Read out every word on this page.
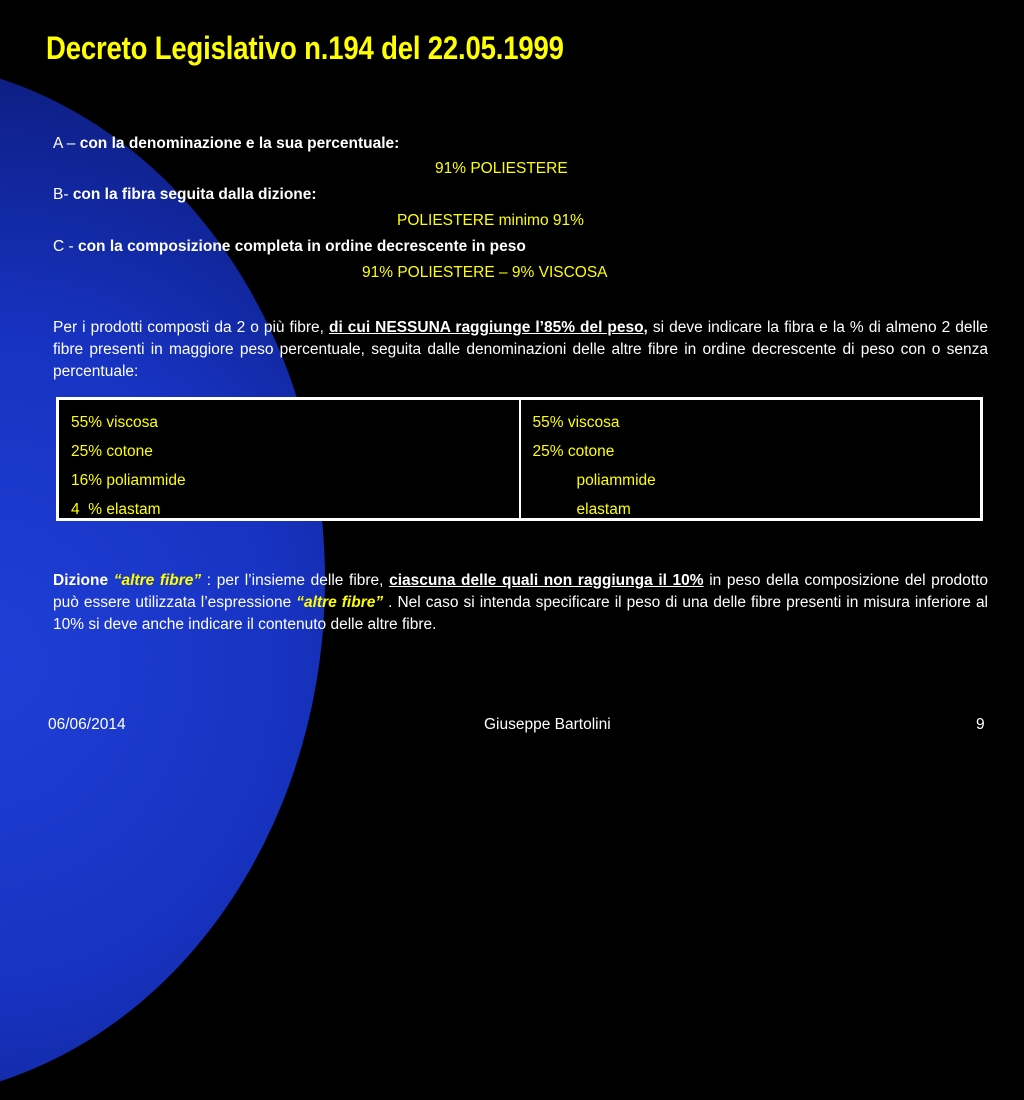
Decreto Legislativo n.194 del 22.05.1999
A – con la denominazione e la sua percentuale:
91% POLIESTERE
B- con la fibra seguita dalla dizione:
POLIESTERE minimo 91%
C - con la composizione completa in ordine decrescente in peso
91% POLIESTERE – 9% VISCOSA

Per i prodotti composti da 2 o più fibre, di cui NESSUNA raggiunge l’85% del peso, si deve indicare la fibra e la % di almeno 2 delle fibre presenti in maggiore peso percentuale, seguita dalle denominazioni delle altre fibre in ordine decrescente di peso con o senza percentuale:

55% viscosa
25% cotone
16% poliammide
4  % elastam
55% viscosa
25% cotone
poliammide
elastam

Dizione “altre fibre” : per l’insieme delle fibre, ciascuna delle quali non raggiunga il 10% in peso della composizione del prodotto può essere utilizzata l’espressione “altre fibre” . Nel caso si intenda specificare il peso di una delle fibre presenti in misura inferiore al 10% si deve anche indicare il contenuto delle altre fibre.

06/06/2014	Giuseppe Bartolini	9
